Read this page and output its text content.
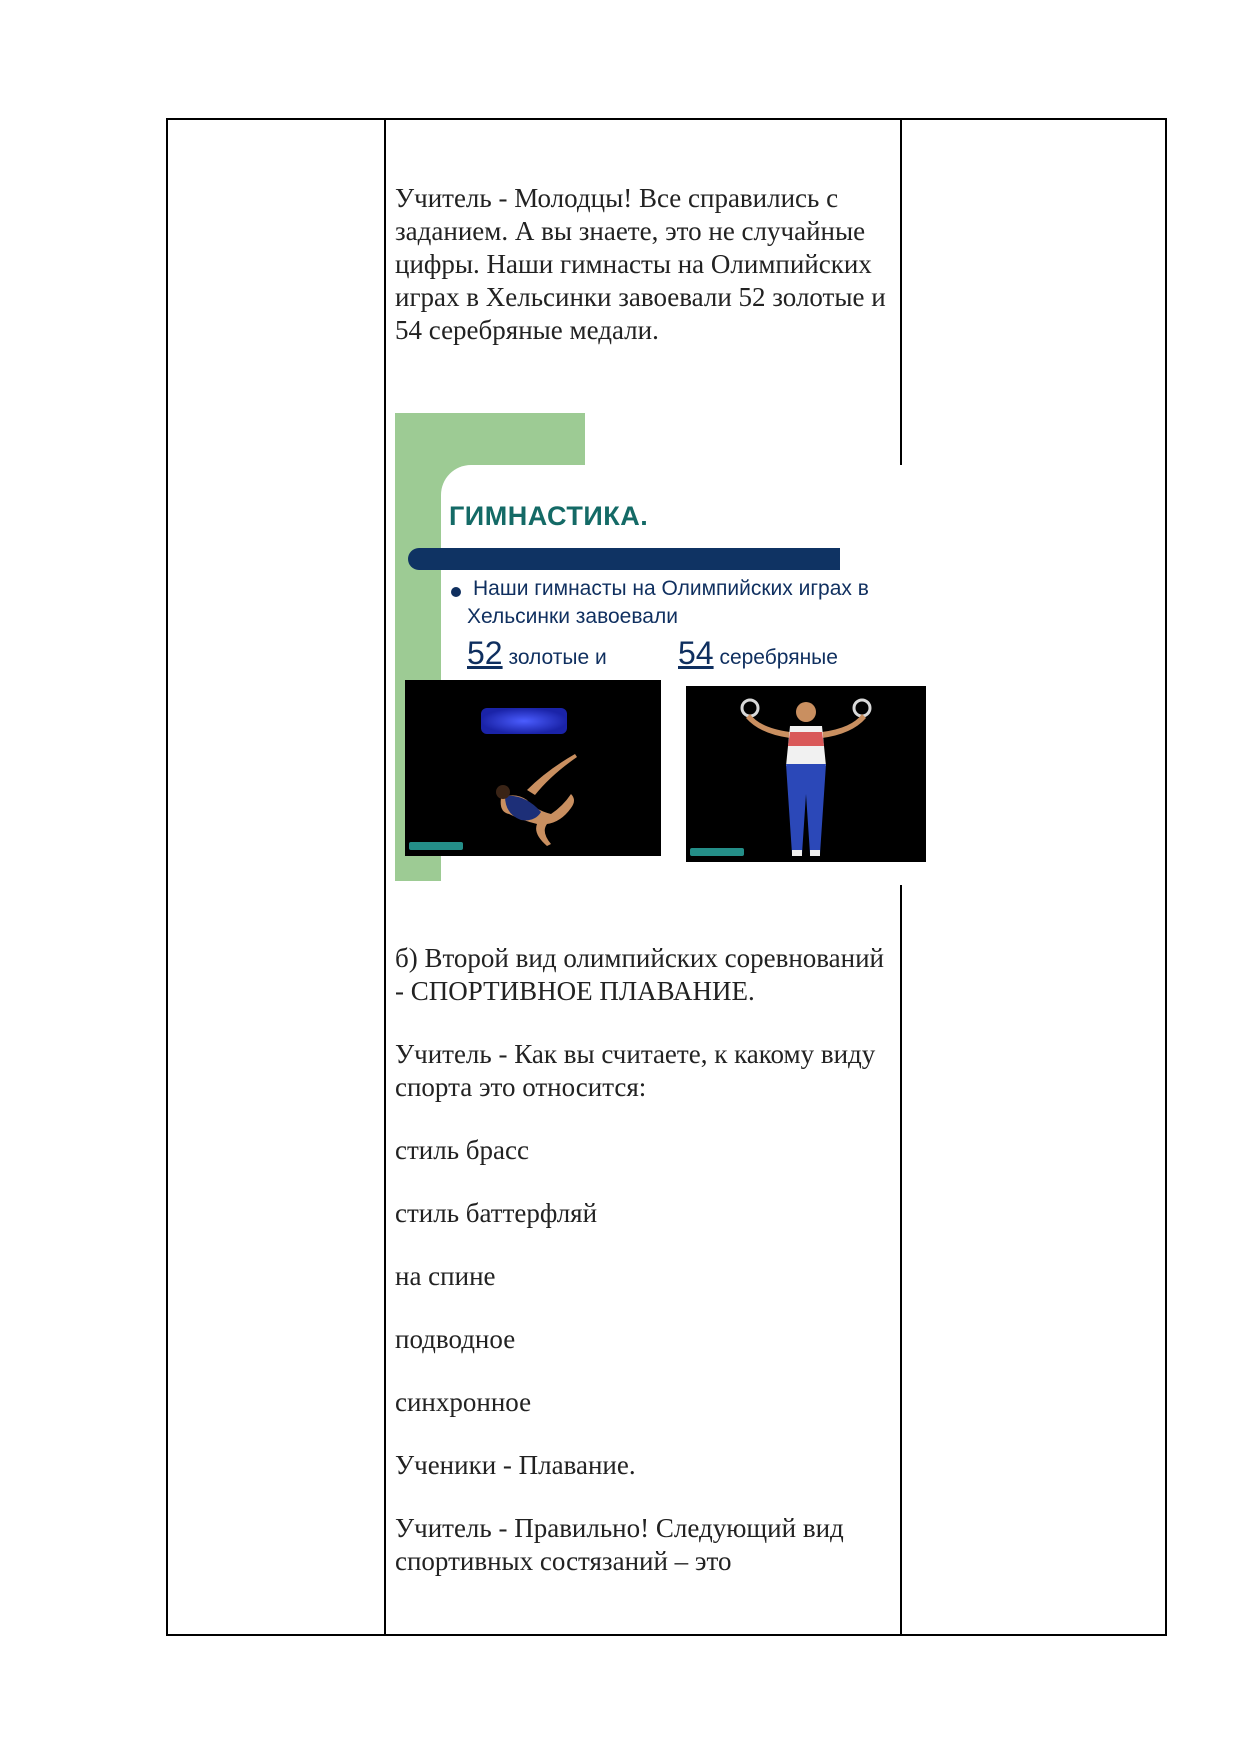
Учитель - Молодцы! Все справились с заданием. А вы знаете, это не случайные цифры. Наши гимнасты на Олимпийских играх в Хельсинки завоевали 52 золотые и 54 серебряные медали.

ГИМНАСТИКА.
Наши гимнасты на Олимпийских играх в
Хельсинки завоевали
52 золотые и 54 серебряные

б) Второй вид олимпийских соревнований - СПОРТИВНОЕ ПЛАВАНИЕ.

Учитель - Как вы считаете, к какому виду спорта это относится:

стиль брасс

стиль баттерфляй

на спине

подводное

синхронное

Ученики - Плавание.

Учитель - Правильно! Следующий вид спортивных состязаний – это
